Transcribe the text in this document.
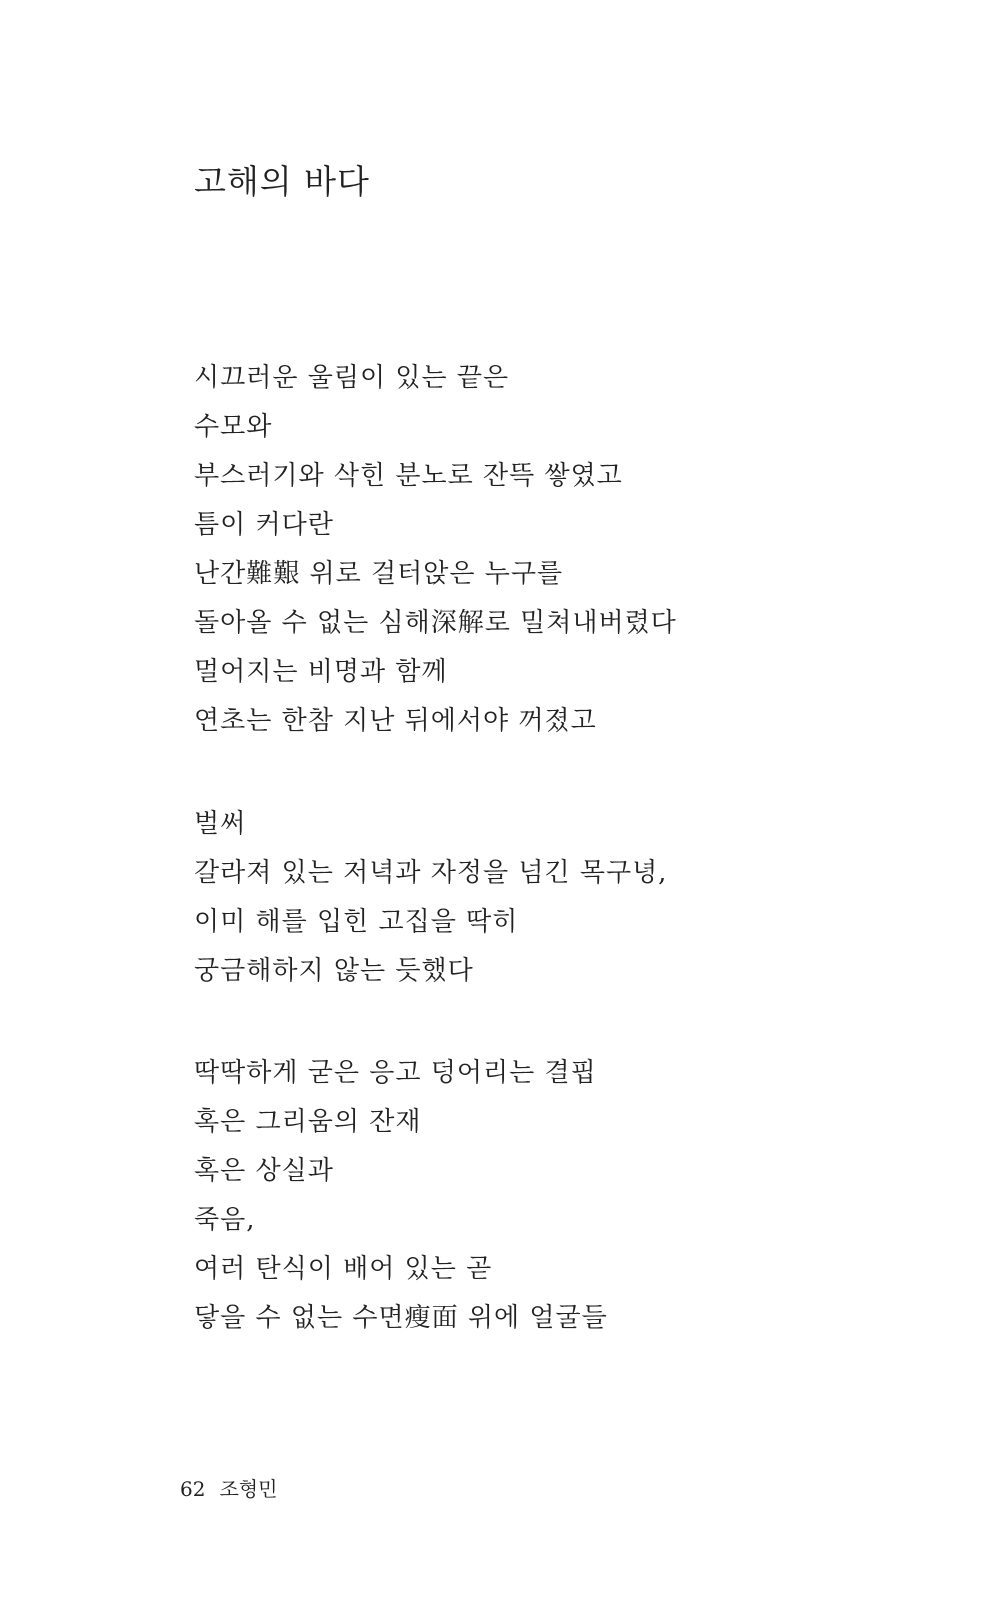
고해의 바다
시끄러운 울림이 있는 끝은
수모와
부스러기와 삭힌 분노로 잔뜩 쌓였고
틈이 커다란
난간難艱 위로 걸터앉은 누구를
돌아올 수 없는 심해深解로 밀쳐내버렸다
멀어지는 비명과 함께
연초는 한참 지난 뒤에서야 꺼졌고
벌써
갈라져 있는 저녁과 자정을 넘긴 목구녕,
이미 해를 입힌 고집을 딱히
궁금해하지 않는 듯했다
딱딱하게 굳은 응고 덩어리는 결핍
혹은 그리움의 잔재
혹은 상실과
죽음,
여러 탄식이 배어 있는 곧
닿을 수 없는 수면瘦面 위에 얼굴들
62 조형민
